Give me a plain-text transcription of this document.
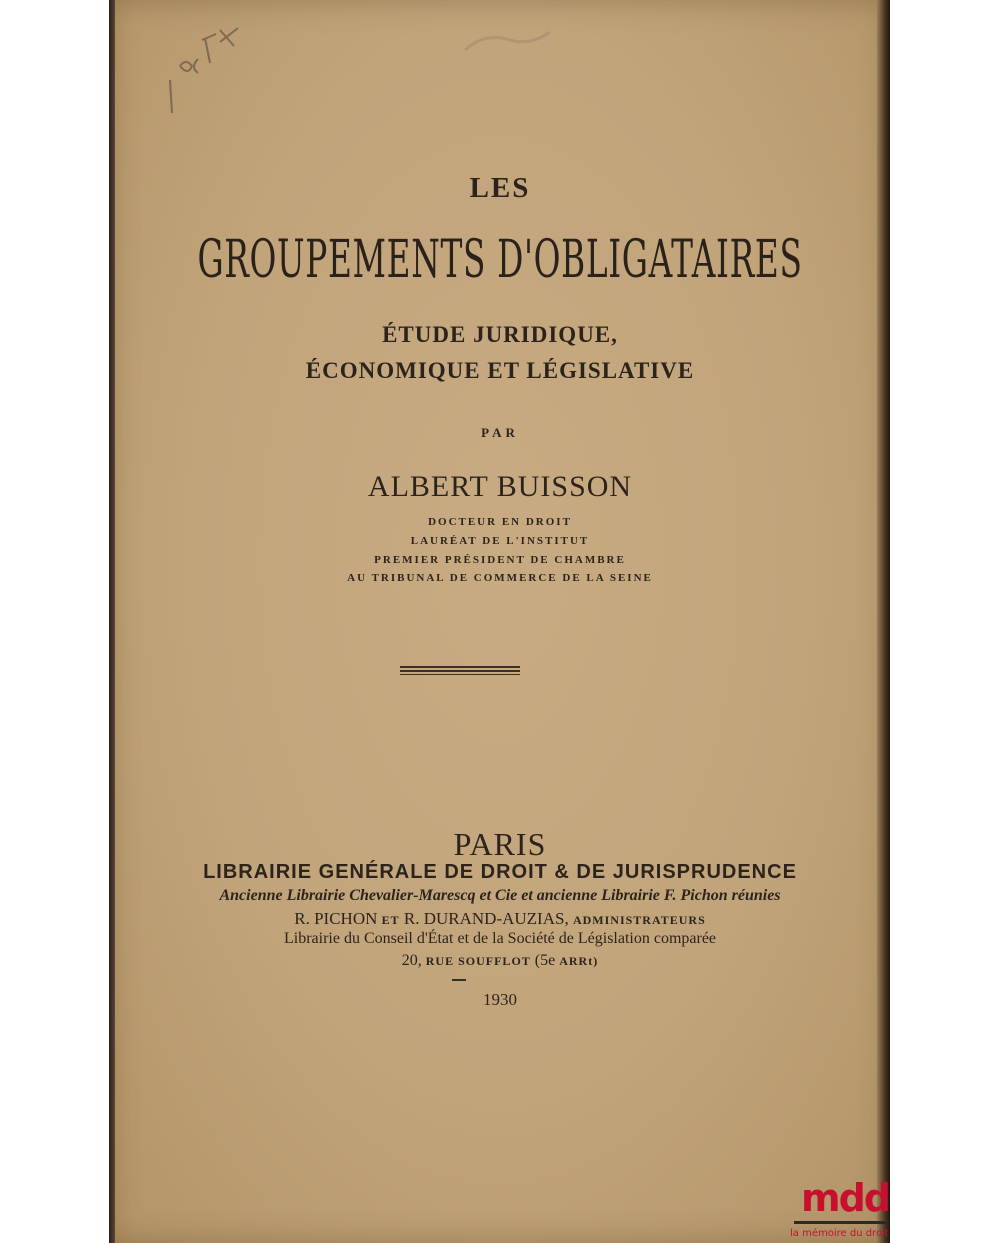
LES
GROUPEMENTS D'OBLIGATAIRES
ÉTUDE JURIDIQUE,
ÉCONOMIQUE ET LÉGISLATIVE
PAR
ALBERT BUISSON
DOCTEUR EN DROIT
LAURÉAT DE L'INSTITUT
PREMIER PRÉSIDENT DE CHAMBRE
AU TRIBUNAL DE COMMERCE DE LA SEINE
PARIS
LIBRAIRIE GENÉRALE DE DROIT & DE JURISPRUDENCE
Ancienne Librairie Chevalier-Marescq et Cie et ancienne Librairie F. Pichon réunies
R. PICHON ET R. DURAND-AUZIAS, ADMINISTRATEURS
Librairie du Conseil d'État et de la Société de Législation comparée
20, RUE SOUFFLOT (5e ARRt)
1930
mdd
la mémoire du droit
